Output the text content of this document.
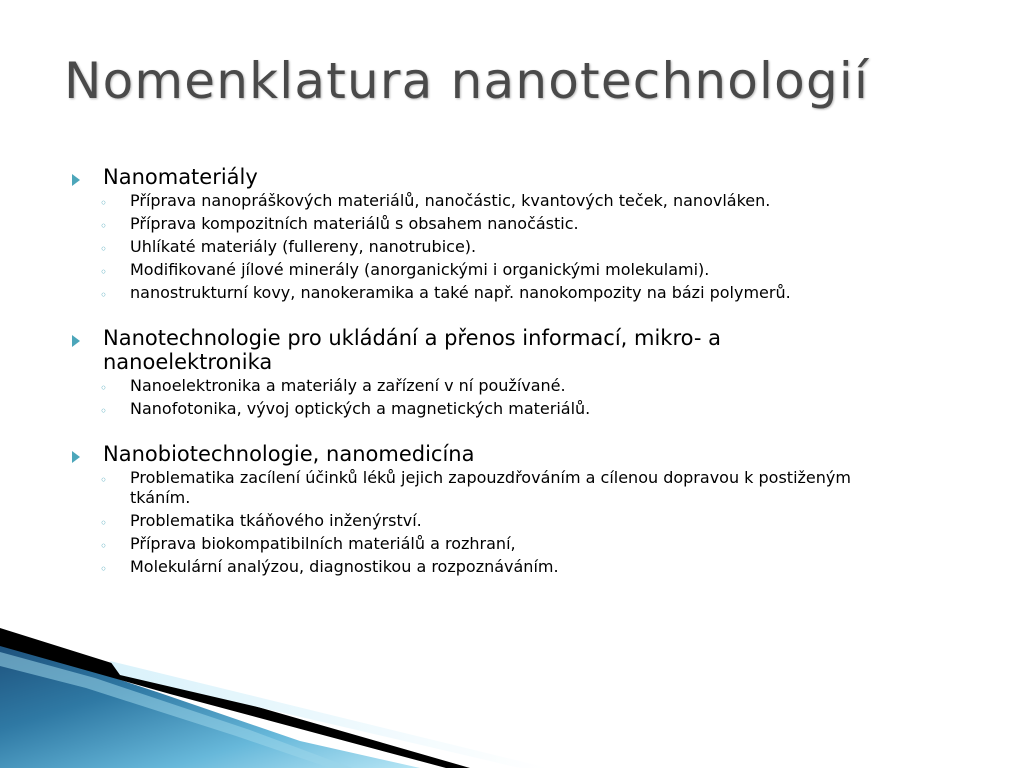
Nomenklatura nanotechnologií
Nanomateriály
◦	Příprava nanopráškových materiálů, nanočástic, kvantových teček, nanovláken.
◦	Příprava kompozitních materiálů s obsahem nanočástic.
◦	Uhlíkaté materiály (fullereny, nanotrubice).
◦	Modifikované jílové minerály (anorganickými i organickými molekulami).
◦	nanostrukturní kovy, nanokeramika a také např. nanokompozity na bázi polymerů.
Nanotechnologie pro ukládání a přenos informací, mikro- a nanoelektronika
◦	Nanoelektronika a materiály a zařízení v ní používané.
◦	Nanofotonika, vývoj optických a magnetických materiálů.
Nanobiotechnologie, nanomedicína
◦	Problematika zacílení účinků léků jejich zapouzdřováním a cílenou dopravou k postiženým tkáním.
◦	Problematika tkáňového inženýrství.
◦	Příprava biokompatibilních materiálů a rozhraní,
◦	Molekulární analýzou, diagnostikou a rozpoznáváním.
